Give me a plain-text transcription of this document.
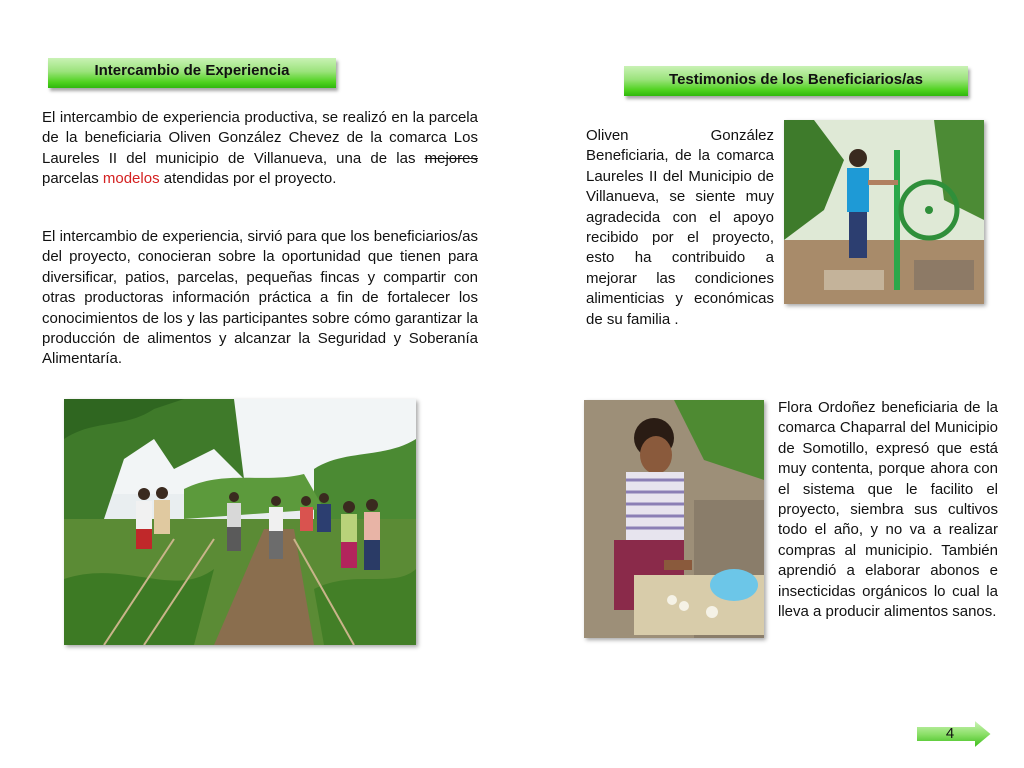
Intercambio de Experiencia
Testimonios de los Beneficiarios/as

El intercambio de experiencia productiva, se realizó en la parcela de la beneficiaria Oliven González Chevez de la comarca Los Laureles II del municipio de Villanueva, una de las mejores parcelas modelos atendidas por el proyecto.

El intercambio de experiencia, sirvió para que los beneficiarios/as del proyecto, conocieran sobre la oportunidad que tienen para diversificar, patios, parcelas, pequeñas fincas y compartir con otras productoras información práctica a fin de fortalecer los conocimientos de los y las participantes sobre cómo garantizar la producción de alimentos y alcanzar la Seguridad y Soberanía Alimentaría.

Oliven González Beneficiaria, de la comarca Laureles II del Municipio de Villanueva, se siente muy agradecida con el apoyo recibido por el proyecto, esto ha contribuido a mejorar las condiciones alimenticias y económicas de su familia .

Flora Ordoñez beneficiaria de la comarca Chaparral del Municipio de Somotillo, expresó que está muy contenta, porque ahora con el sistema que le facilito el proyecto, siembra sus cultivos todo el año, y no va a realizar compras al municipio. También aprendió a elaborar abonos e insecticidas orgánicos lo cual la lleva a producir alimentos sanos.

4
